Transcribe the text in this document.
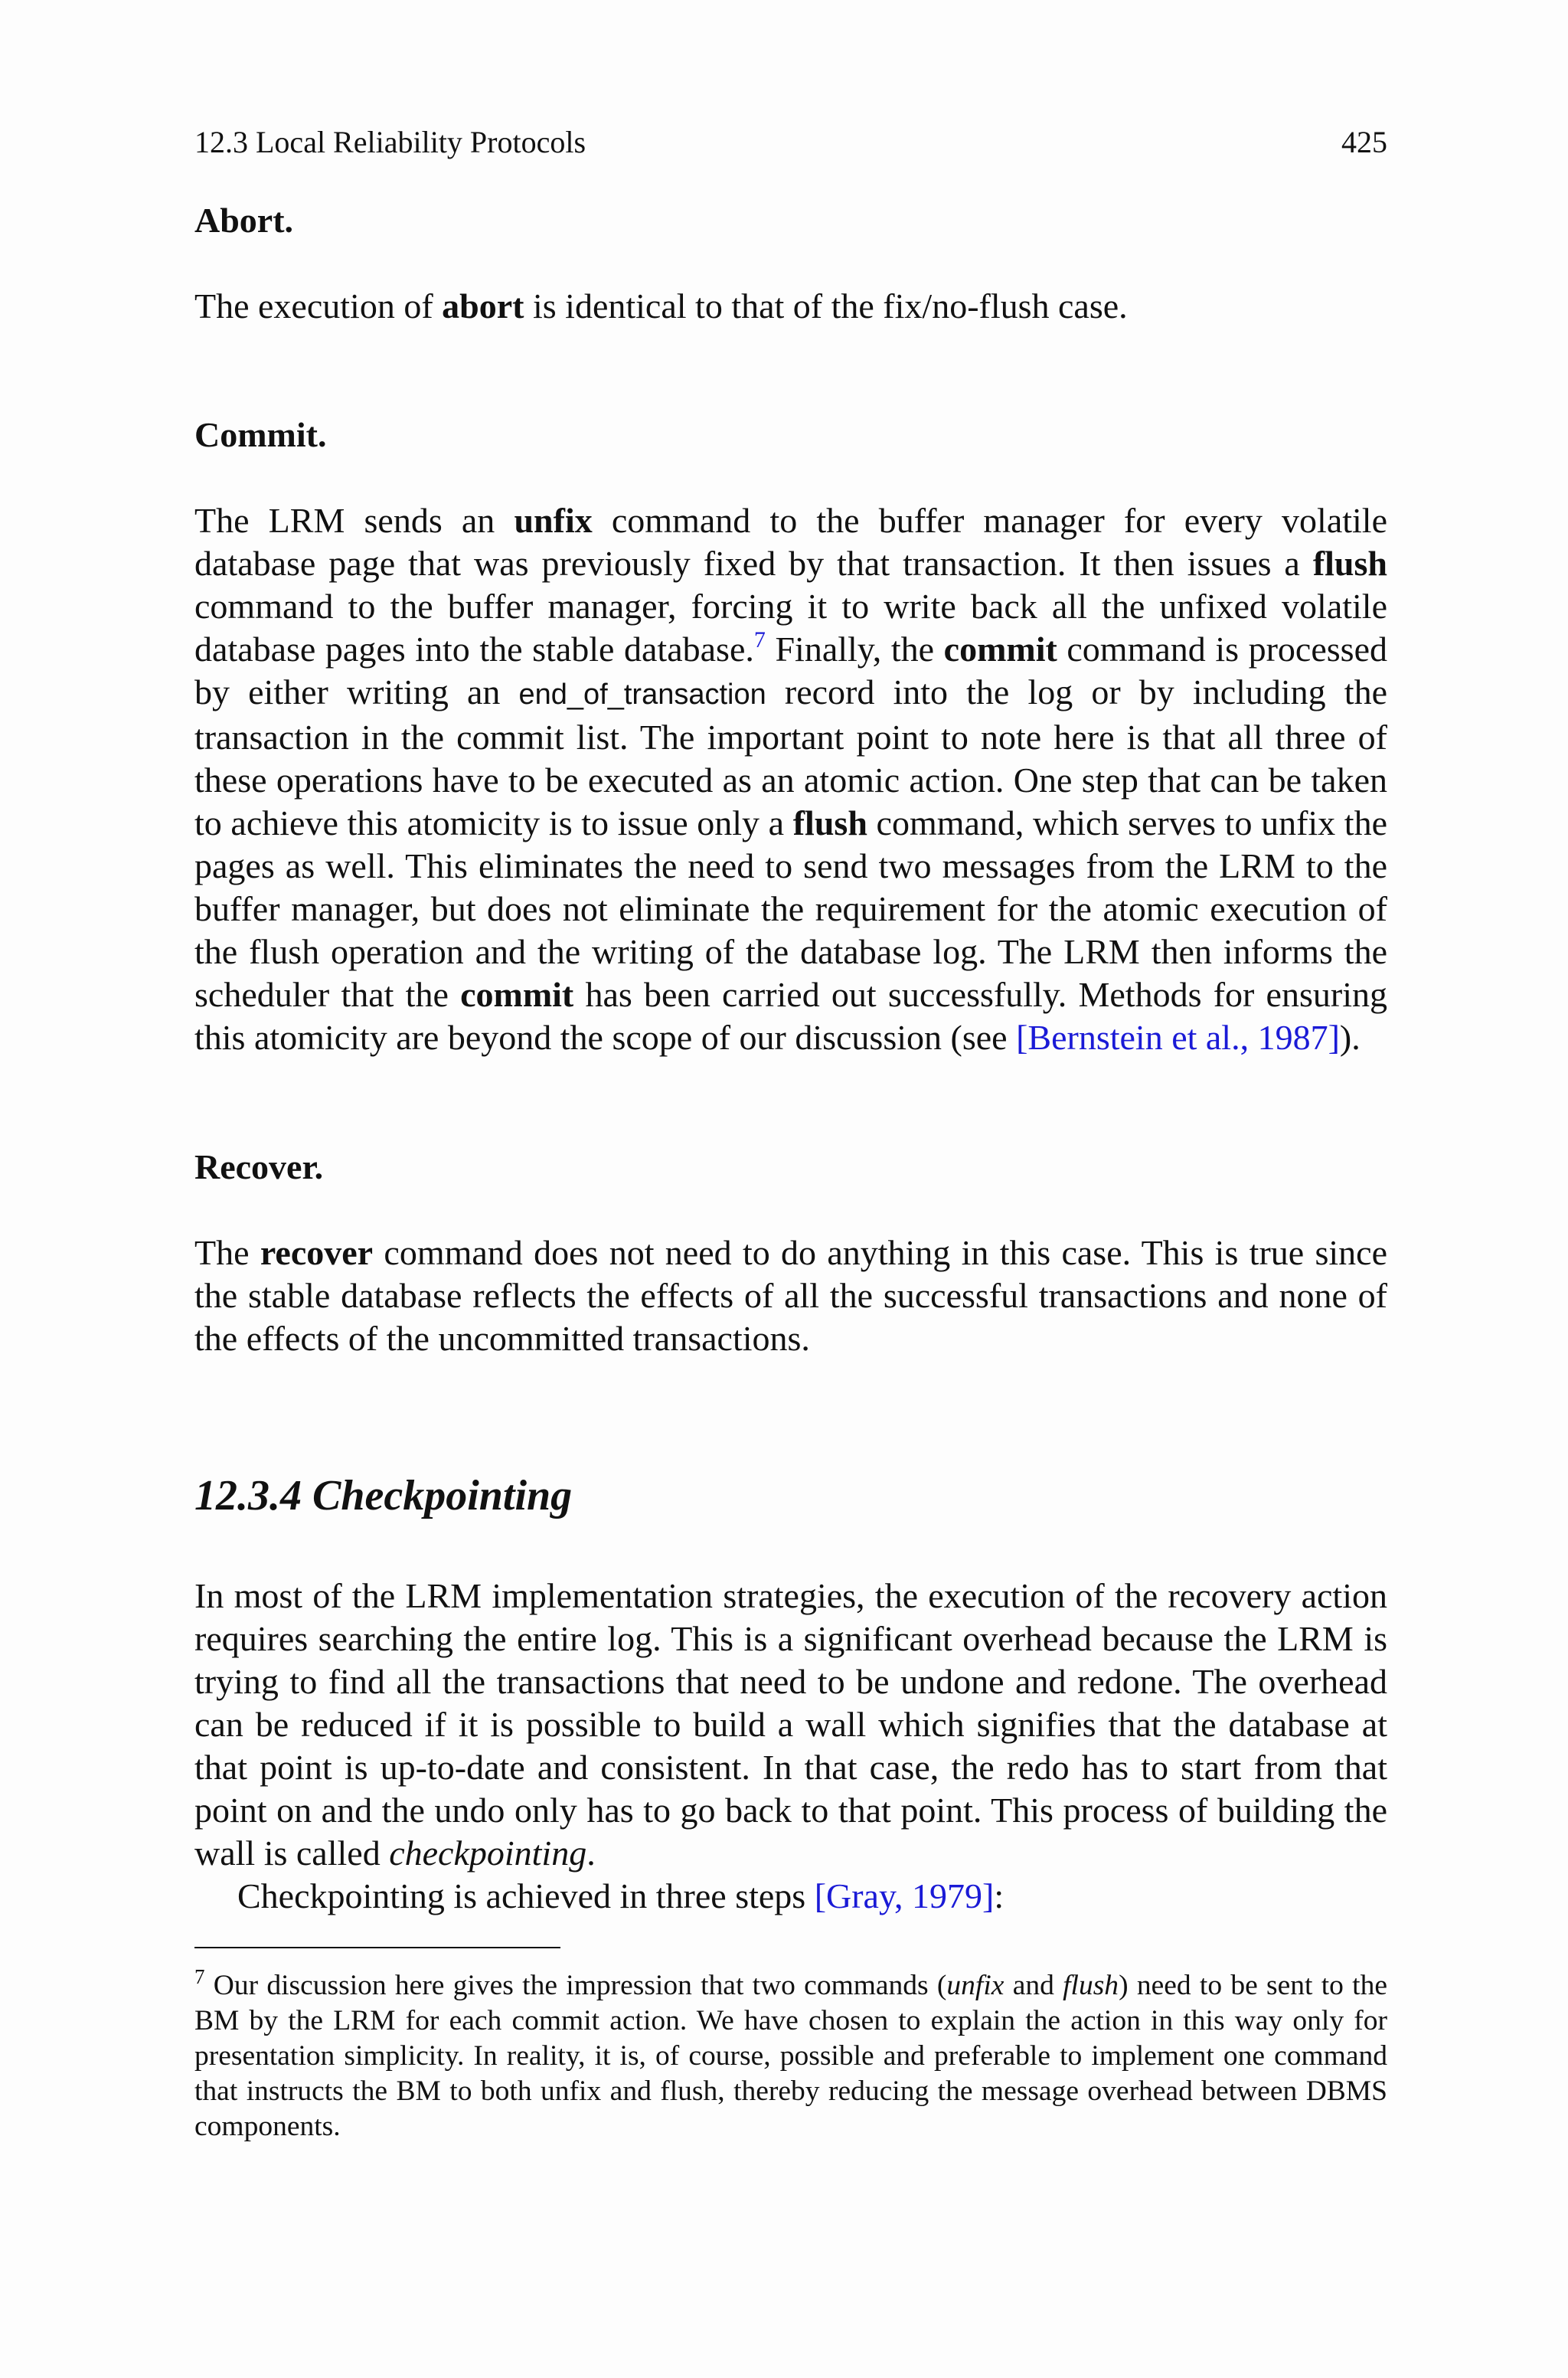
12.3 Local Reliability Protocols	425
Abort.

The execution of abort is identical to that of the fix/no-flush case.

Commit.

The LRM sends an unfix command to the buffer manager for every volatile database page that was previously fixed by that transaction. It then issues a flush command to the buffer manager, forcing it to write back all the unfixed volatile database pages into the stable database.$^7$ Finally, the commit command is processed by either writing an end_of_transaction record into the log or by including the transaction in the commit list. The important point to note here is that all three of these operations have to be executed as an atomic action. One step that can be taken to achieve this atomicity is to issue only a flush command, which serves to unfix the pages as well. This eliminates the need to send two messages from the LRM to the buffer manager, but does not eliminate the requirement for the atomic execution of the flush operation and the writing of the database log. The LRM then informs the scheduler that the commit has been carried out successfully. Methods for ensuring this atomicity are beyond the scope of our discussion (see [Bernstein et al., 1987]).

Recover.

The recover command does not need to do anything in this case. This is true since the stable database reflects the effects of all the successful transactions and none of the effects of the uncommitted transactions.

12.3.4 Checkpointing

In most of the LRM implementation strategies, the execution of the recovery action requires searching the entire log. This is a significant overhead because the LRM is trying to find all the transactions that need to be undone and redone. The overhead can be reduced if it is possible to build a wall which signifies that the database at that point is up-to-date and consistent. In that case, the redo has to start from that point on and the undo only has to go back to that point. This process of building the wall is called checkpointing.

Checkpointing is achieved in three steps [Gray, 1979]:

$^7$ Our discussion here gives the impression that two commands (unfix and flush) need to be sent to the BM by the LRM for each commit action. We have chosen to explain the action in this way only for presentation simplicity. In reality, it is, of course, possible and preferable to implement one command that instructs the BM to both unfix and flush, thereby reducing the message overhead between DBMS components.
